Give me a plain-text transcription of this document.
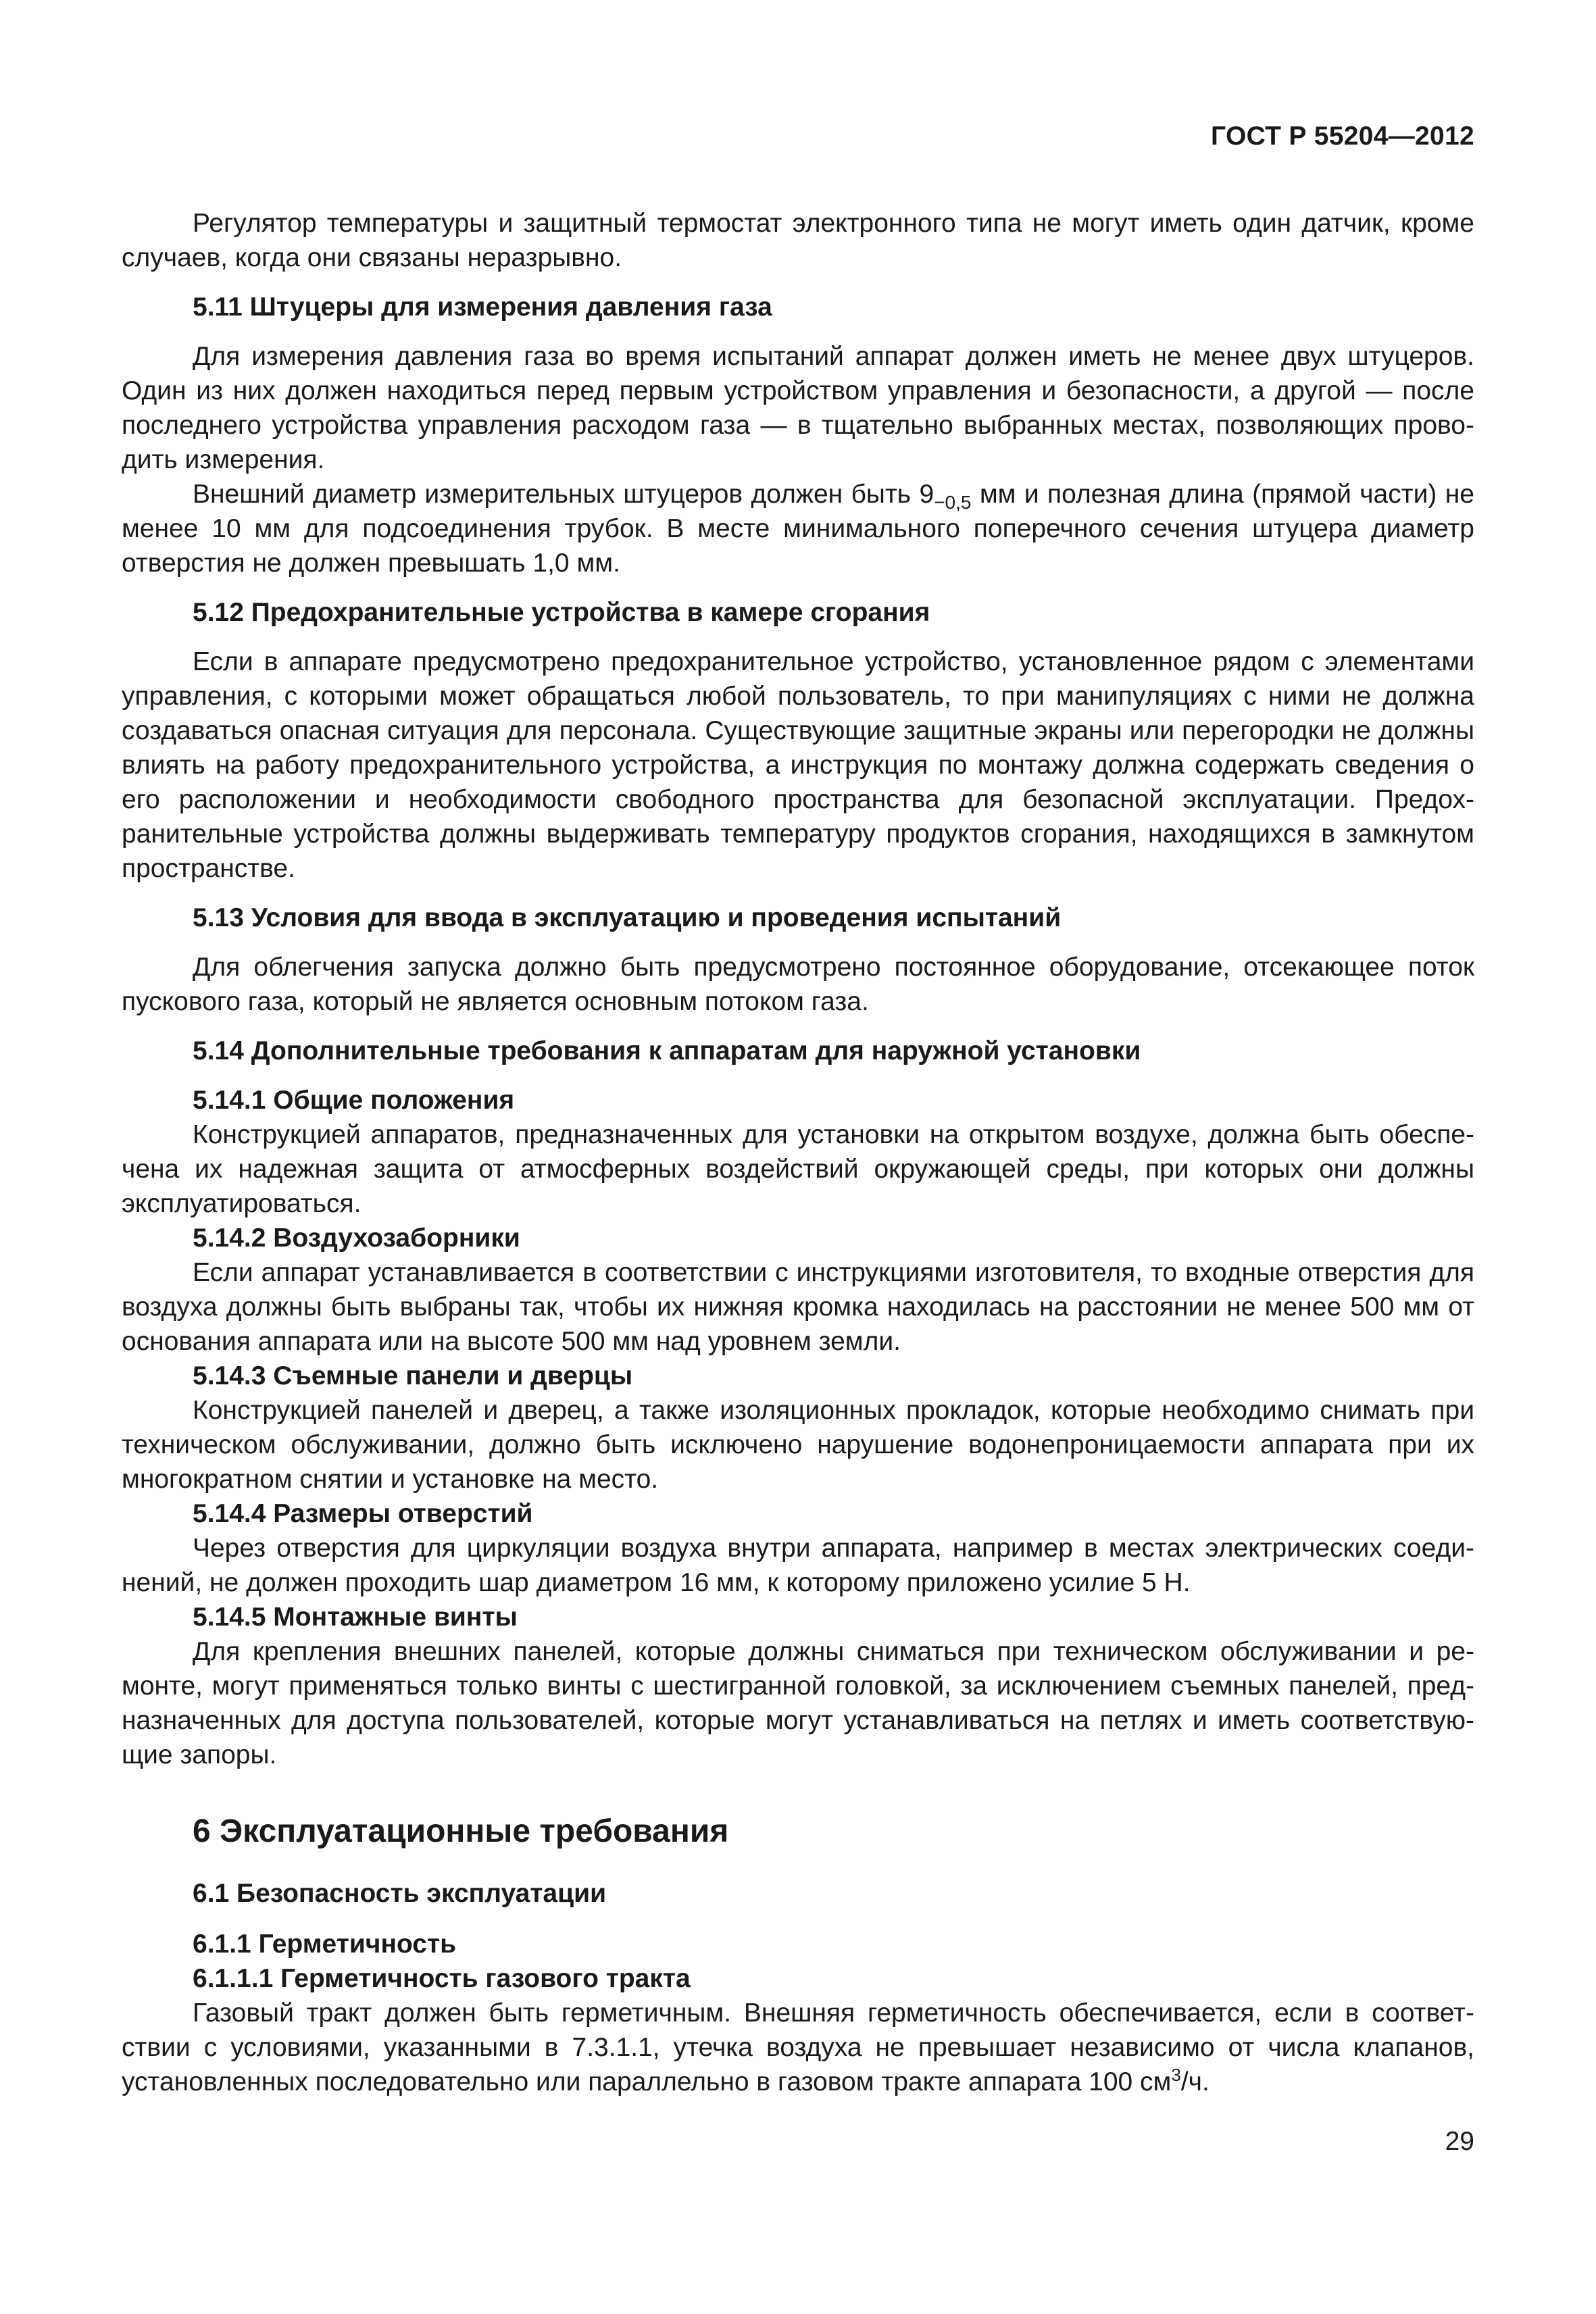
ГОСТ Р 55204—2012

Регулятор температуры и защитный термостат электронного типа не могут иметь один датчик, кроме случаев, когда они связаны неразрывно.

5.11 Штуцеры для измерения давления газа

Для измерения давления газа во время испытаний аппарат должен иметь не менее двух штуцеров. Один из них должен находиться перед первым устройством управления и безопасности, а другой — после последнего устройства управления расходом газа — в тщательно выбранных местах, позволяющих проводить измерения.

Внешний диаметр измерительных штуцеров должен быть $9_{-0,5}$ мм и полезная длина (прямой части) не менее 10 мм для подсоединения трубок. В месте минимального поперечного сечения штуцера диаметр отверстия не должен превышать 1,0 мм.

5.12 Предохранительные устройства в камере сгорания

Если в аппарате предусмотрено предохранительное устройство, установленное рядом с элементами управления, с которыми может обращаться любой пользователь, то при манипуляциях с ними не должна создаваться опасная ситуация для персонала. Существующие защитные экраны или перегородки не должны влиять на работу предохранительного устройства, а инструкция по монтажу должна содержать сведения о его расположении и необходимости свободного пространства для безопасной эксплуатации. Предохранительные устройства должны выдерживать температуру продуктов сгорания, находящихся в замкнутом пространстве.

5.13 Условия для ввода в эксплуатацию и проведения испытаний

Для облегчения запуска должно быть предусмотрено постоянное оборудование, отсекающее поток пускового газа, который не является основным потоком газа.

5.14 Дополнительные требования к аппаратам для наружной установки
5.14.1 Общие положения

Конструкцией аппаратов, предназначенных для установки на открытом воздухе, должна быть обеспечена их надежная защита от атмосферных воздействий окружающей среды, при которых они должны эксплуатироваться.

5.14.2 Воздухозаборники

Если аппарат устанавливается в соответствии с инструкциями изготовителя, то входные отверстия для воздуха должны быть выбраны так, чтобы их нижняя кромка находилась на расстоянии не менее 500 мм от основания аппарата или на высоте 500 мм над уровнем земли.

5.14.3 Съемные панели и дверцы

Конструкцией панелей и дверец, а также изоляционных прокладок, которые необходимо снимать при техническом обслуживании, должно быть исключено нарушение водонепроницаемости аппарата при их многократном снятии и установке на место.

5.14.4 Размеры отверстий

Через отверстия для циркуляции воздуха внутри аппарата, например в местах электрических соединений, не должен проходить шар диаметром 16 мм, к которому приложено усилие 5 Н.

5.14.5 Монтажные винты

Для крепления внешних панелей, которые должны сниматься при техническом обслуживании и ремонте, могут применяться только винты с шестигранной головкой, за исключением съемных панелей, предназначенных для доступа пользователей, которые могут устанавливаться на петлях и иметь соответствующие запоры.

6 Эксплуатационные требования
6.1 Безопасность эксплуатации
6.1.1 Герметичность
6.1.1.1 Герметичность газового тракта

Газовый тракт должен быть герметичным. Внешняя герметичность обеспечивается, если в соответствии с условиями, указанными в 7.3.1.1, утечка воздуха не превышает независимо от числа клапанов, установленных последовательно или параллельно в газовом тракте аппарата 100 $см^3/ч$.

29
